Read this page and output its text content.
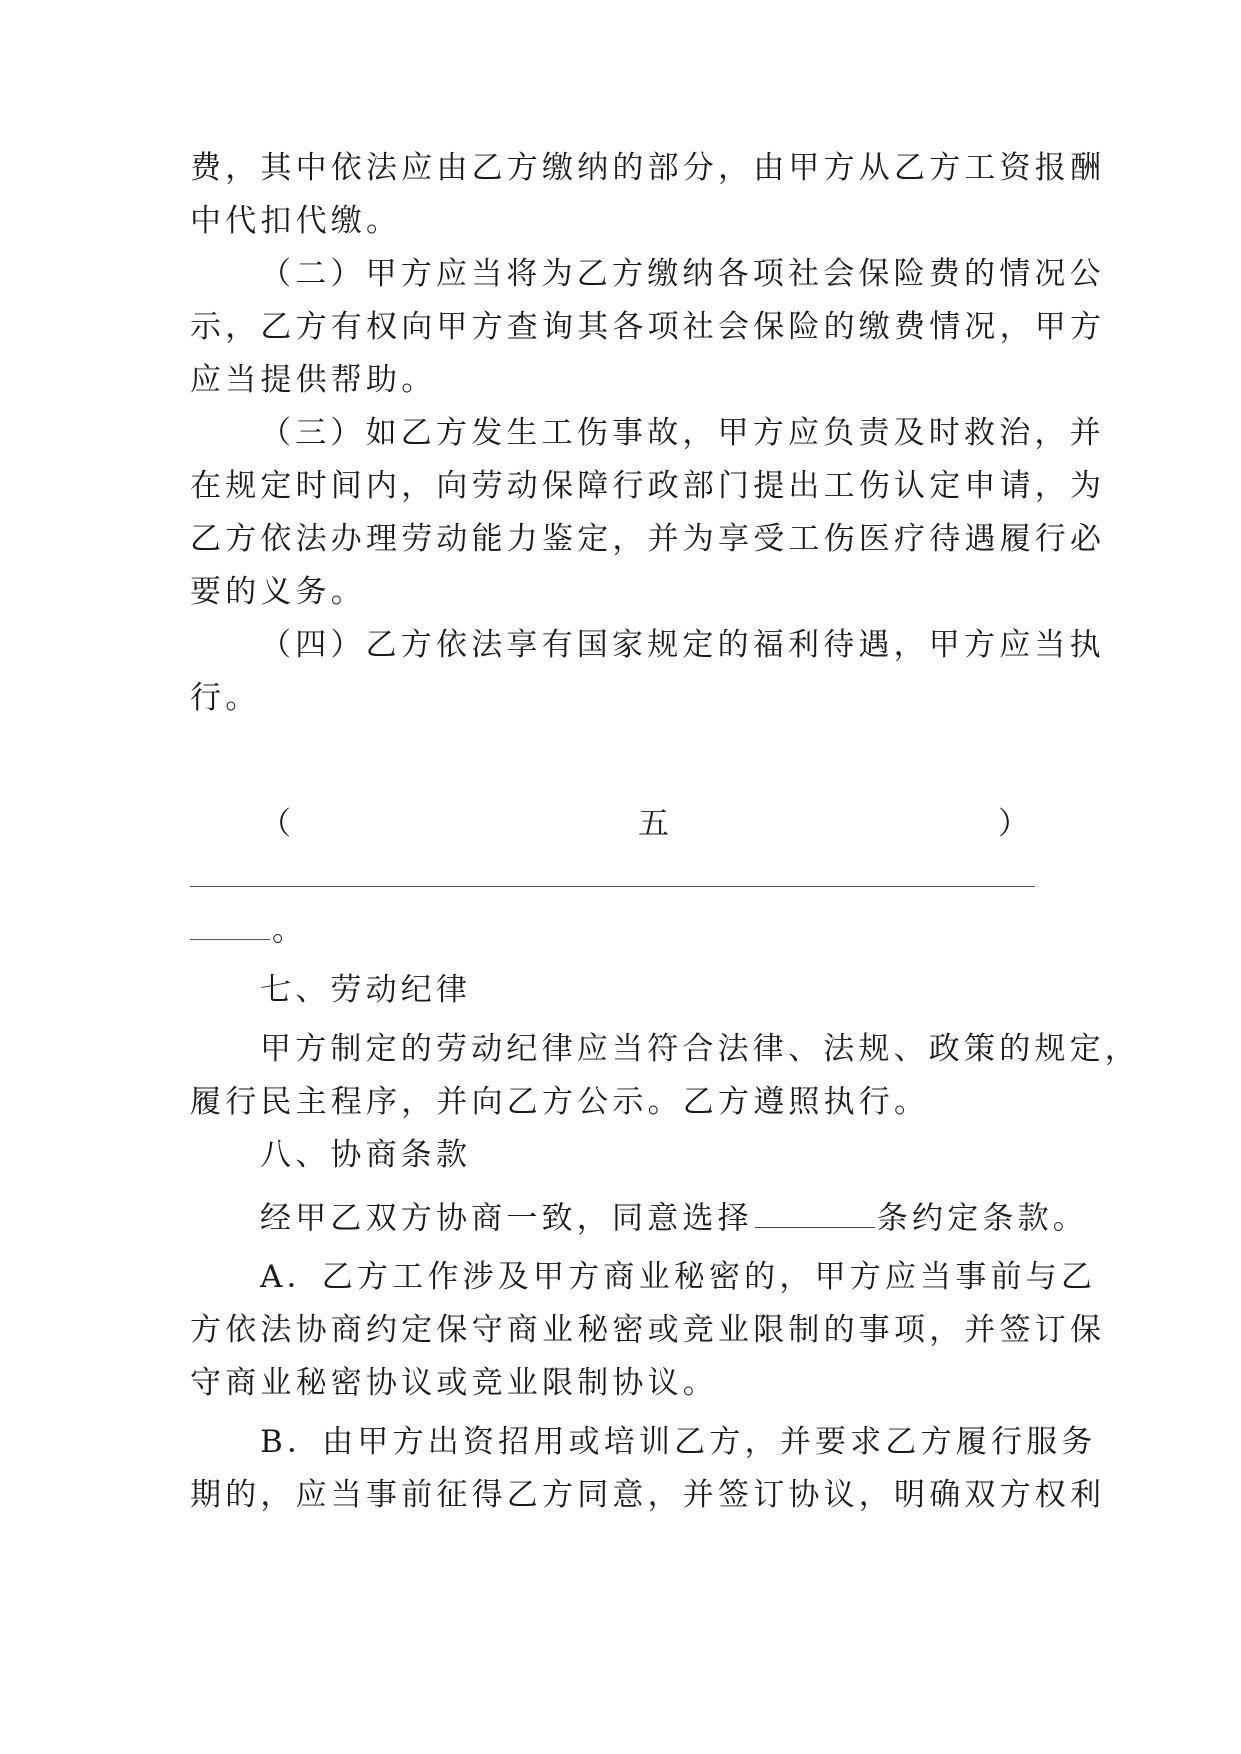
费，其中依法应由乙方缴纳的部分，由甲方从乙方工资报酬

中代扣代缴。

（二）甲方应当将为乙方缴纳各项社会保险费的情况公

示，乙方有权向甲方查询其各项社会保险的缴费情况，甲方

应当提供帮助。

（三）如乙方发生工伤事故，甲方应负责及时救治，并

在规定时间内，向劳动保障行政部门提出工伤认定申请，为

乙方依法办理劳动能力鉴定，并为享受工伤医疗待遇履行必

要的义务。

（四）乙方依法享有国家规定的福利待遇，甲方应当执

行。

（	五	）

。

七、劳动纪律

甲方制定的劳动纪律应当符合法律、法规、政策的规定，

履行民主程序，并向乙方公示。乙方遵照执行。

八、协商条款

经甲乙双方协商一致，同意选择	条约定条款。

A．乙方工作涉及甲方商业秘密的，甲方应当事前与乙

方依法协商约定保守商业秘密或竞业限制的事项，并签订保

守商业秘密协议或竞业限制协议。

B．由甲方出资招用或培训乙方，并要求乙方履行服务

期的，应当事前征得乙方同意，并签订协议，明确双方权利
